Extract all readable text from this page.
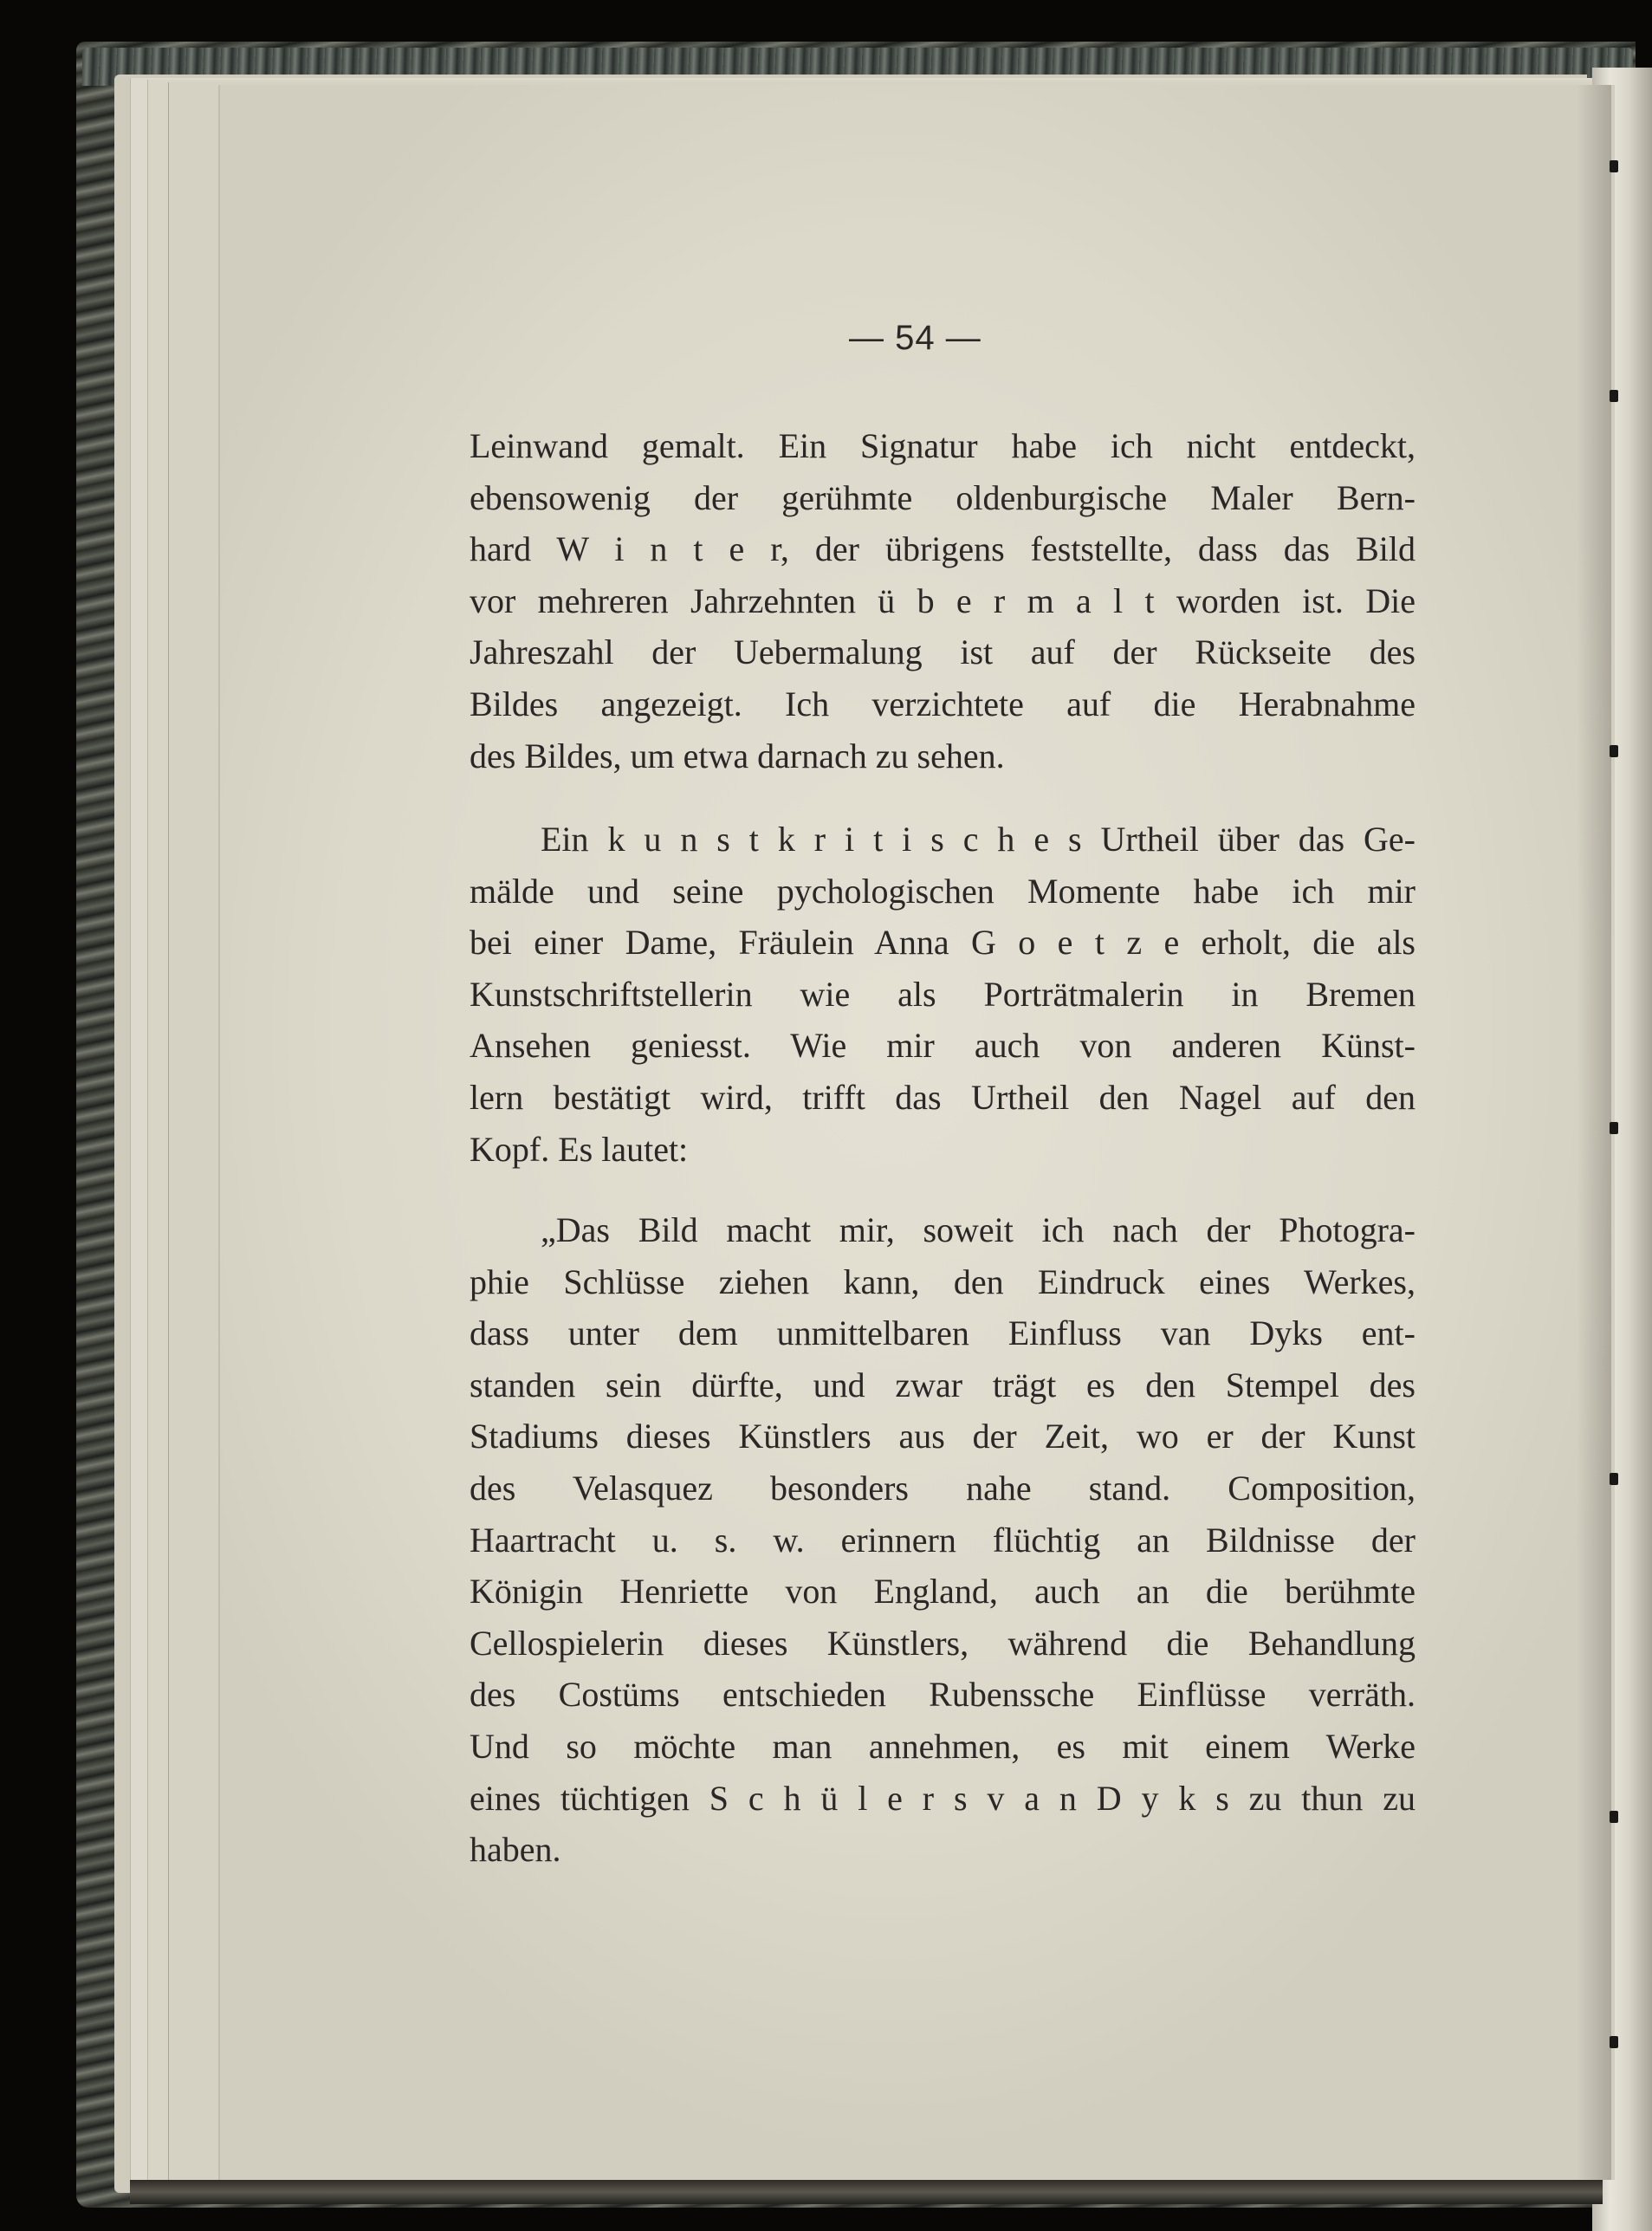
— 54 —
Leinwand gemalt. Ein Signatur habe ich nicht entdeckt,
ebensowenig der gerühmte oldenburgische Maler Bern-
hard W i n t e r, der übrigens feststellte, dass das Bild
vor mehreren Jahrzehnten ü b e r m a l t worden ist. Die
Jahreszahl der Uebermalung ist auf der Rückseite des
Bildes angezeigt. Ich verzichtete auf die Herabnahme
des Bildes, um etwa darnach zu sehen.
Ein k u n s t k r i t i s c h e s Urtheil über das Ge-
mälde und seine pychologischen Momente habe ich mir
bei einer Dame, Fräulein Anna G o e t z e erholt, die als
Kunstschriftstellerin wie als Porträtmalerin in Bremen
Ansehen geniesst. Wie mir auch von anderen Künst-
lern bestätigt wird, trifft das Urtheil den Nagel auf den
Kopf. Es lautet:
„Das Bild macht mir, soweit ich nach der Photogra-
phie Schlüsse ziehen kann, den Eindruck eines Werkes,
dass unter dem unmittelbaren Einfluss van Dyks ent-
standen sein dürfte, und zwar trägt es den Stempel des
Stadiums dieses Künstlers aus der Zeit, wo er der Kunst
des Velasquez besonders nahe stand. Composition,
Haartracht u. s. w. erinnern flüchtig an Bildnisse der
Königin Henriette von England, auch an die berühmte
Cellospielerin dieses Künstlers, während die Behandlung
des Costüms entschieden Rubenssche Einflüsse verräth.
Und so möchte man annehmen, es mit einem Werke
eines tüchtigen S c h ü l e r s v a n D y k s zu thun zu
haben.
